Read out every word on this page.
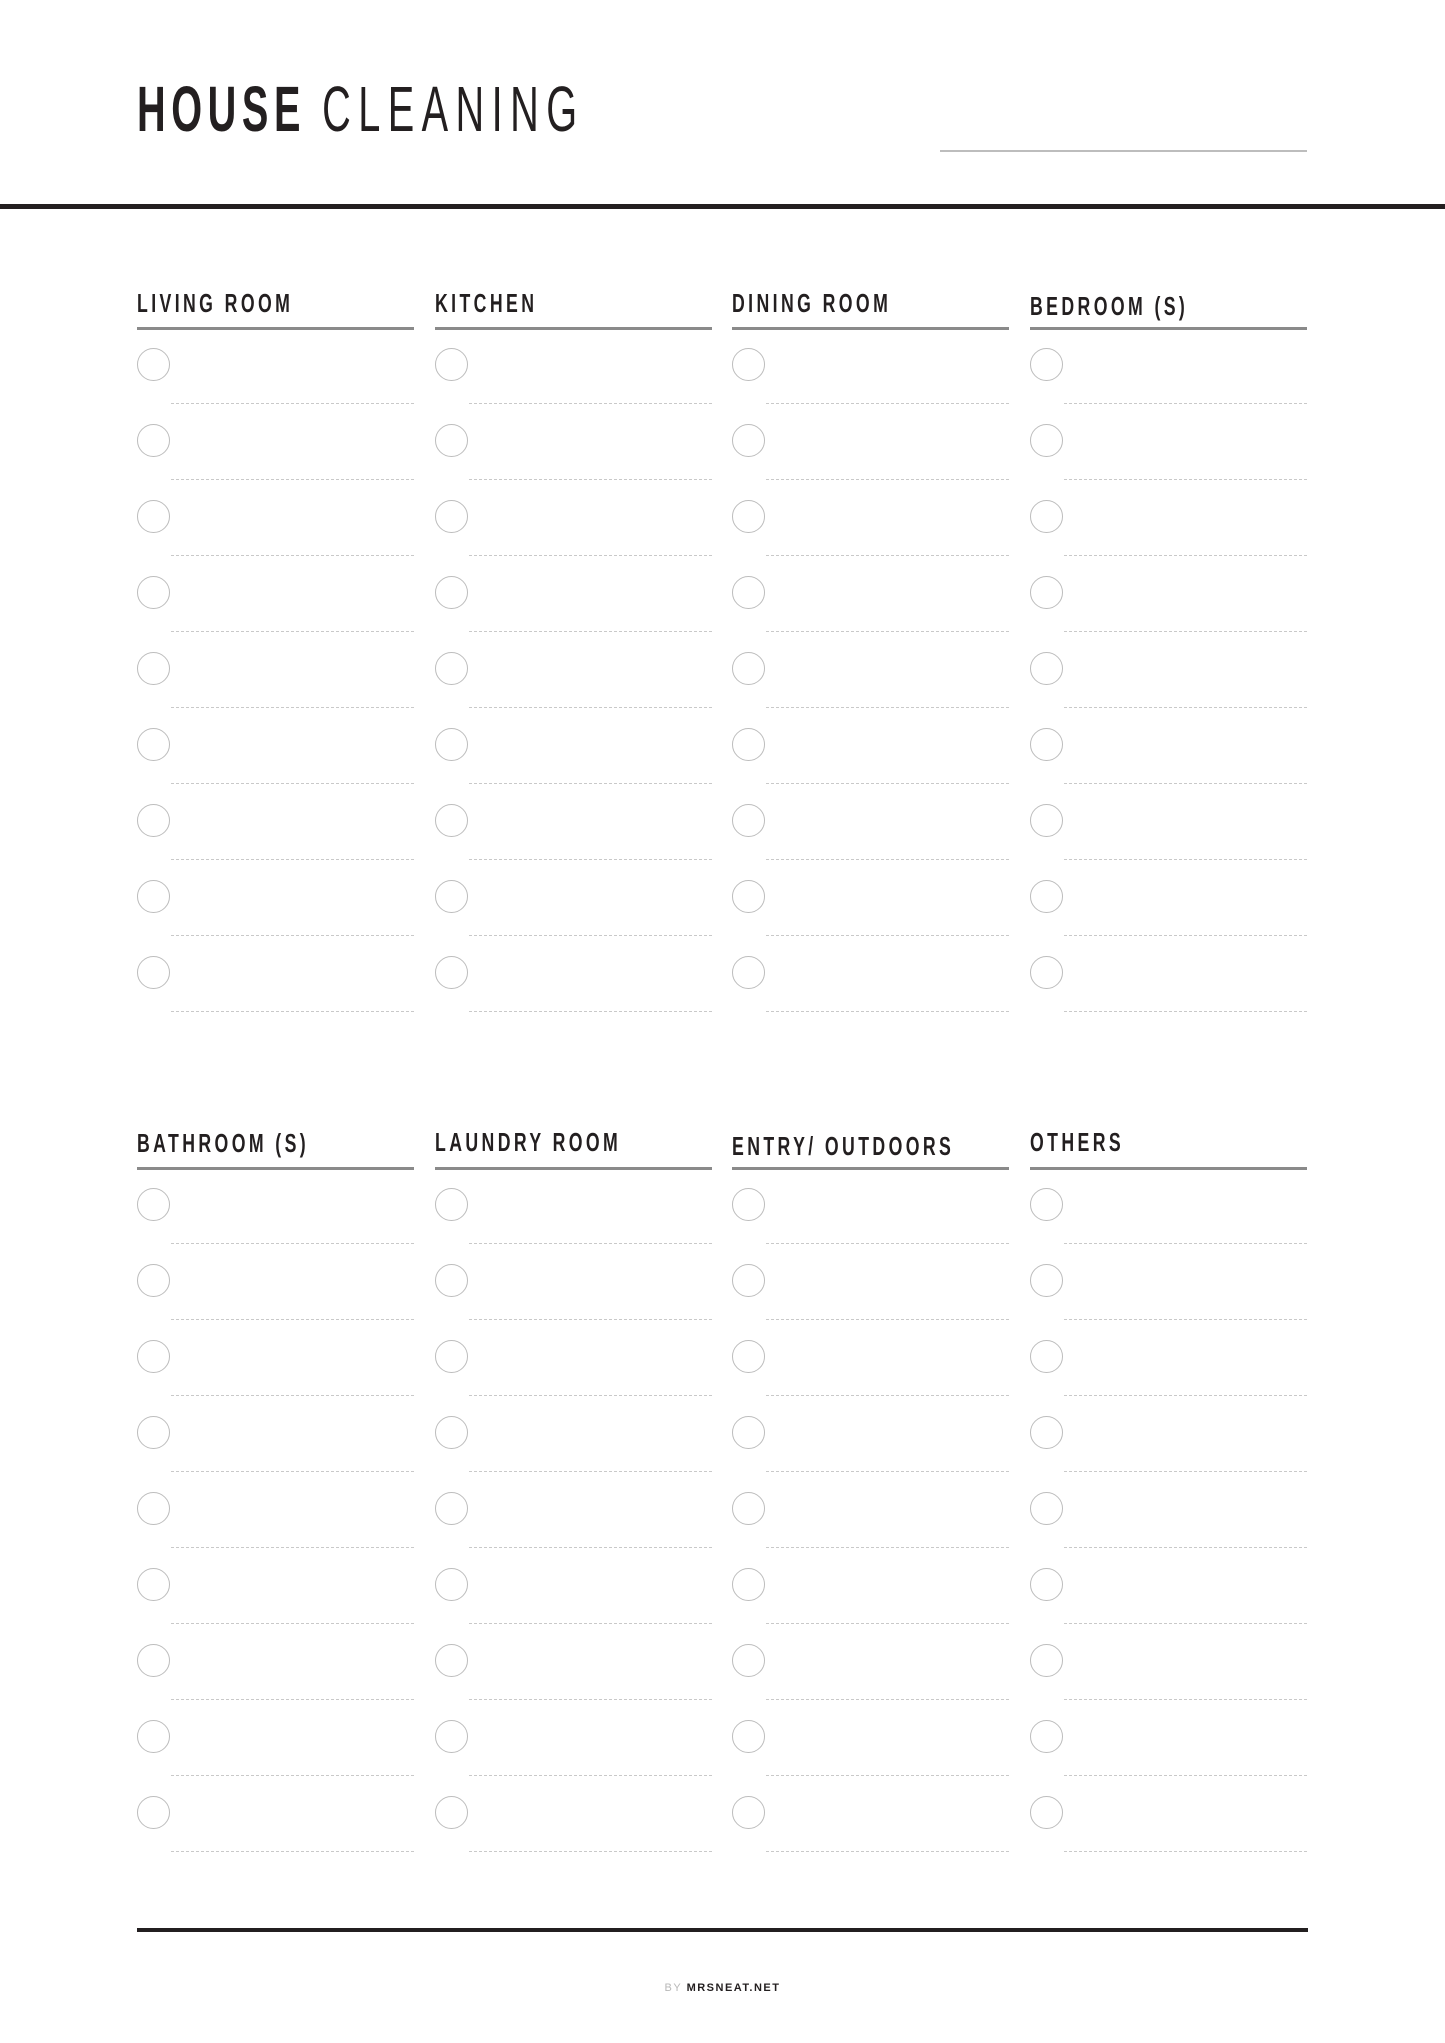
HOUSE CLEANING
LIVING ROOM	KITCHEN	DINING ROOM	BEDROOM (S)
BATHROOM (S)	LAUNDRY ROOM	ENTRY/ OUTDOORS	OTHERS
BY MRSNEAT.NET
